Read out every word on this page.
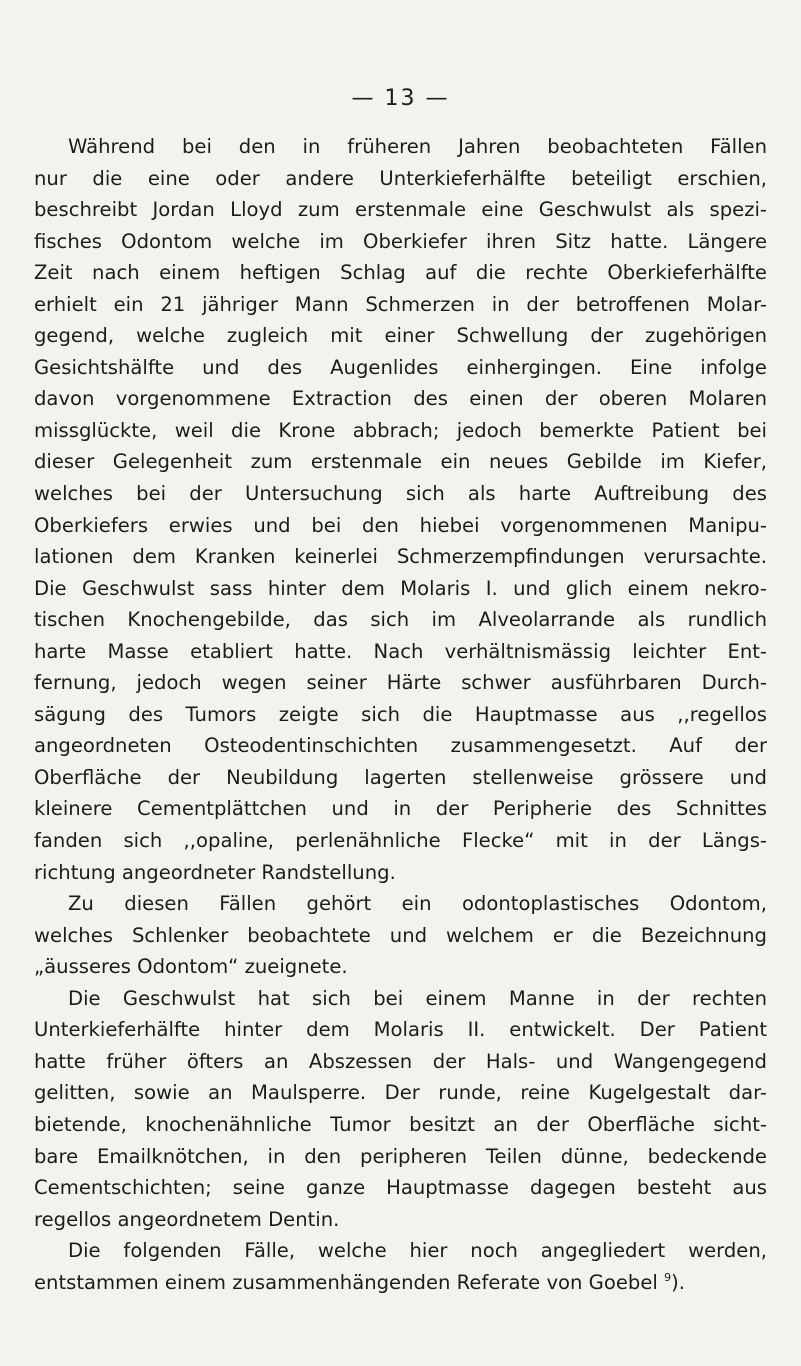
— 13 —
Während bei den in früheren Jahren beobachteten Fällen
nur die eine oder andere Unterkieferhälfte beteiligt erschien,
beschreibt Jordan Lloyd zum erstenmale eine Geschwulst als spezi-
fisches Odontom welche im Oberkiefer ihren Sitz hatte. Längere
Zeit nach einem heftigen Schlag auf die rechte Oberkieferhälfte
erhielt ein 21 jähriger Mann Schmerzen in der betroffenen Molar-
gegend, welche zugleich mit einer Schwellung der zugehörigen
Gesichtshälfte und des Augenlides einhergingen. Eine infolge
davon vorgenommene Extraction des einen der oberen Molaren
missglückte, weil die Krone abbrach; jedoch bemerkte Patient bei
dieser Gelegenheit zum erstenmale ein neues Gebilde im Kiefer,
welches bei der Untersuchung sich als harte Auftreibung des
Oberkiefers erwies und bei den hiebei vorgenommenen Manipu-
lationen dem Kranken keinerlei Schmerzempfindungen verursachte.
Die Geschwulst sass hinter dem Molaris I. und glich einem nekro-
tischen Knochengebilde, das sich im Alveolarrande als rundlich
harte Masse etabliert hatte. Nach verhältnismässig leichter Ent-
fernung, jedoch wegen seiner Härte schwer ausführbaren Durch-
sägung des Tumors zeigte sich die Hauptmasse aus ,,regellos
angeordneten Osteodentinschichten zusammengesetzt. Auf der
Oberfläche der Neubildung lagerten stellenweise grössere und
kleinere Cementplättchen und in der Peripherie des Schnittes
fanden sich ,,opaline, perlenähnliche Flecke“ mit in der Längs-
richtung angeordneter Randstellung.
Zu diesen Fällen gehört ein odontoplastisches Odontom,
welches Schlenker beobachtete und welchem er die Bezeichnung
„äusseres Odontom“ zueignete.
Die Geschwulst hat sich bei einem Manne in der rechten
Unterkieferhälfte hinter dem Molaris II. entwickelt. Der Patient
hatte früher öfters an Abszessen der Hals- und Wangengegend
gelitten, sowie an Maulsperre. Der runde, reine Kugelgestalt dar-
bietende, knochenähnliche Tumor besitzt an der Oberfläche sicht-
bare Emailknötchen, in den peripheren Teilen dünne, bedeckende
Cementschichten; seine ganze Hauptmasse dagegen besteht aus
regellos angeordnetem Dentin.
Die folgenden Fälle, welche hier noch angegliedert werden,
entstammen einem zusammenhängenden Referate von Goebel $^9$).
